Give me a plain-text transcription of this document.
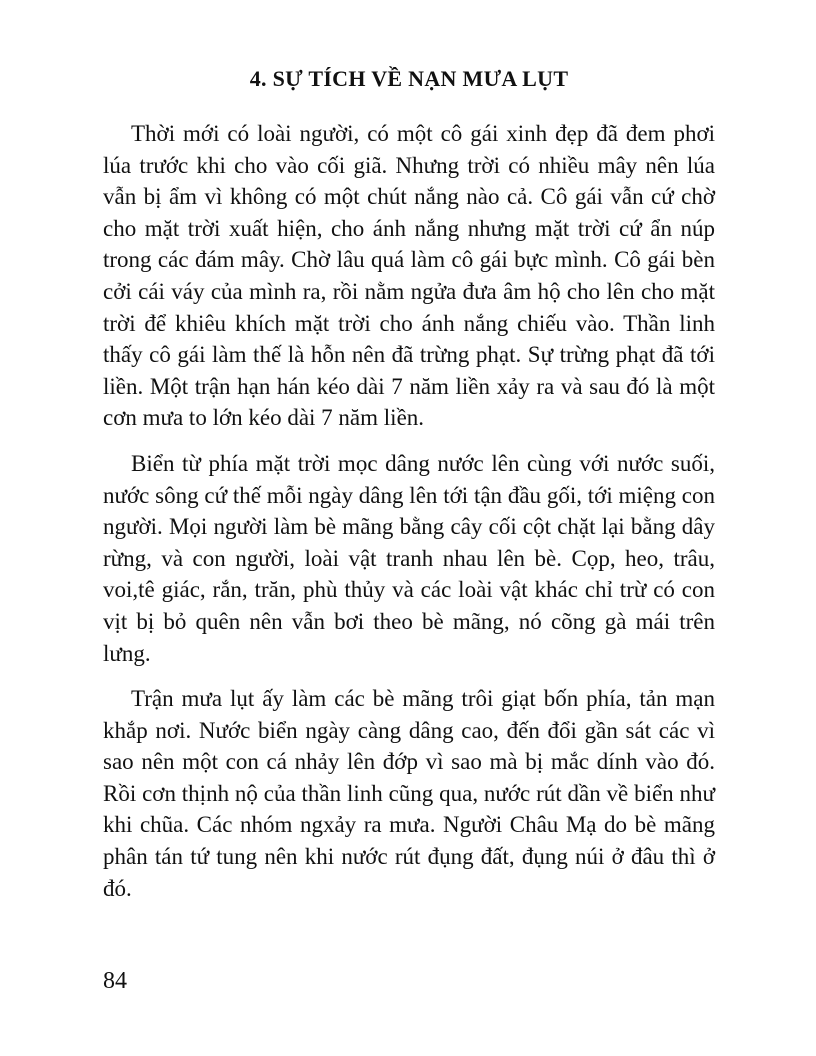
4. SỰ TÍCH VỀ NẠN MƯA LỤT

Thời mới có loài người, có một cô gái xinh đẹp đã đem phơi lúa trước khi cho vào cối giã. Nhưng trời có nhiều mây nên lúa vẫn bị ẩm vì không có một chút nắng nào cả. Cô gái vẫn cứ chờ cho mặt trời xuất hiện, cho ánh nắng nhưng mặt trời cứ ẩn núp trong các đám mây. Chờ lâu quá làm cô gái bực mình. Cô gái bèn cởi cái váy của mình ra, rồi nằm ngửa đưa âm hộ cho lên cho mặt trời để khiêu khích mặt trời cho ánh nắng chiếu vào. Thần linh thấy cô gái làm thế là hỗn nên đã trừng phạt. Sự trừng phạt đã tới liền. Một trận hạn hán kéo dài 7 năm liền xảy ra và sau đó là một cơn mưa to lớn kéo dài 7 năm liền.

Biển từ phía mặt trời mọc dâng nước lên cùng với nước suối, nước sông cứ thế mỗi ngày dâng lên tới tận đầu gối, tới miệng con người. Mọi người làm bè mãng bằng cây cối cột chặt lại bằng dây rừng, và con người, loài vật tranh nhau lên bè. Cọp, heo, trâu, voi,tê giác, rắn, trăn, phù thủy và các loài vật khác chỉ trừ có con vịt bị bỏ quên nên vẫn bơi theo bè mãng, nó cõng gà mái trên lưng.

Trận mưa lụt ấy làm các bè mãng trôi giạt bốn phía, tản mạn khắp nơi. Nước biển ngày càng dâng cao, đến đổi gần sát các vì sao nên một con cá nhảy lên đớp vì sao mà bị mắc dính vào đó. Rồi cơn thịnh nộ của thần linh cũng qua, nước rút dần về biển như khi chũa. Các nhóm ngxảy ra mưa. Người Châu Mạ do bè mãng phân tán tứ tung nên khi nước rút đụng đất, đụng núi ở đâu thì ở đó.

84
